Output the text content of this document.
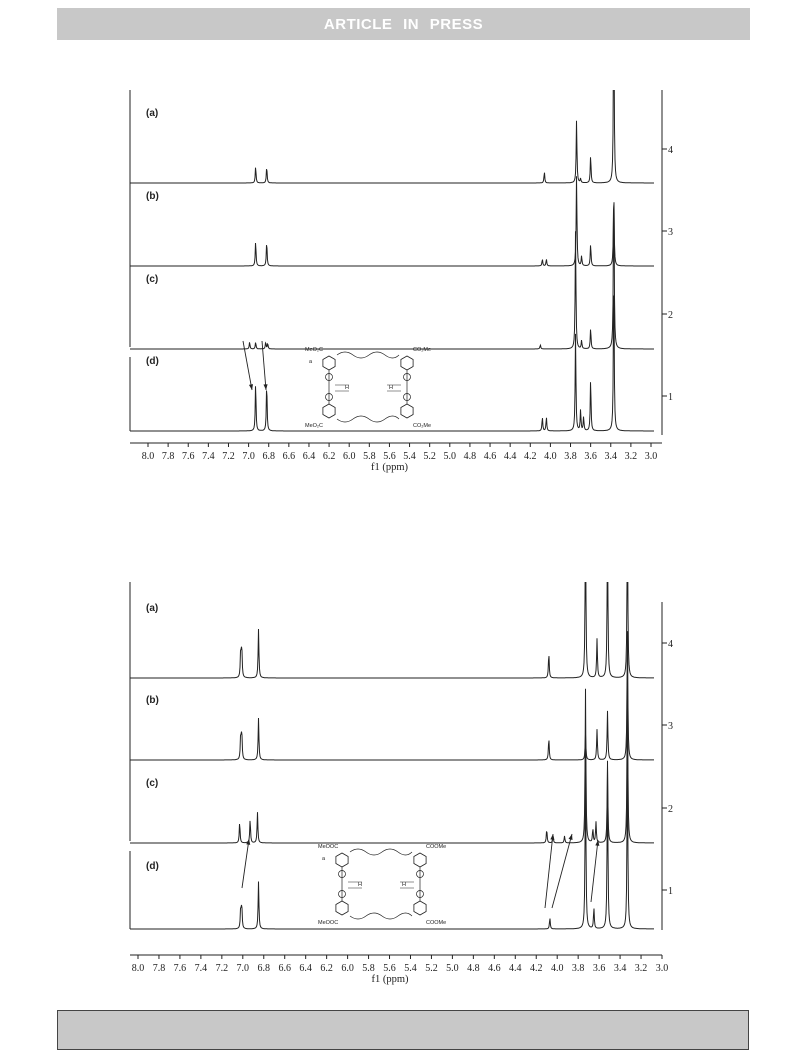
ARTICLE IN PRESS
4
3
2
1
(a)
(b)
(c)
(d)
8.0 7.8 7.6 7.4 7.2 7.0 6.8 6.6 6.4 6.2 6.0 5.8 5.6 5.4 5.2 5.0 4.8 4.6 4.4 4.2 4.0 3.8 3.6 3.4 3.2 3.0
f1 (ppm)
MeO₂C	CO₂Me
MeO₂C	CO₂Me
a
H	H
4
3
2
1
(a)
(b)
(c)
(d)
8.0 7.8 7.6 7.4 7.2 7.0 6.8 6.6 6.4 6.2 6.0 5.8 5.6 5.4 5.2 5.0 4.8 4.6 4.4 4.2 4.0 3.8 3.6 3.4 3.2 3.0
f1 (ppm)
MeOOC	COOMe
MeOOC	COOMe
a
H	H
